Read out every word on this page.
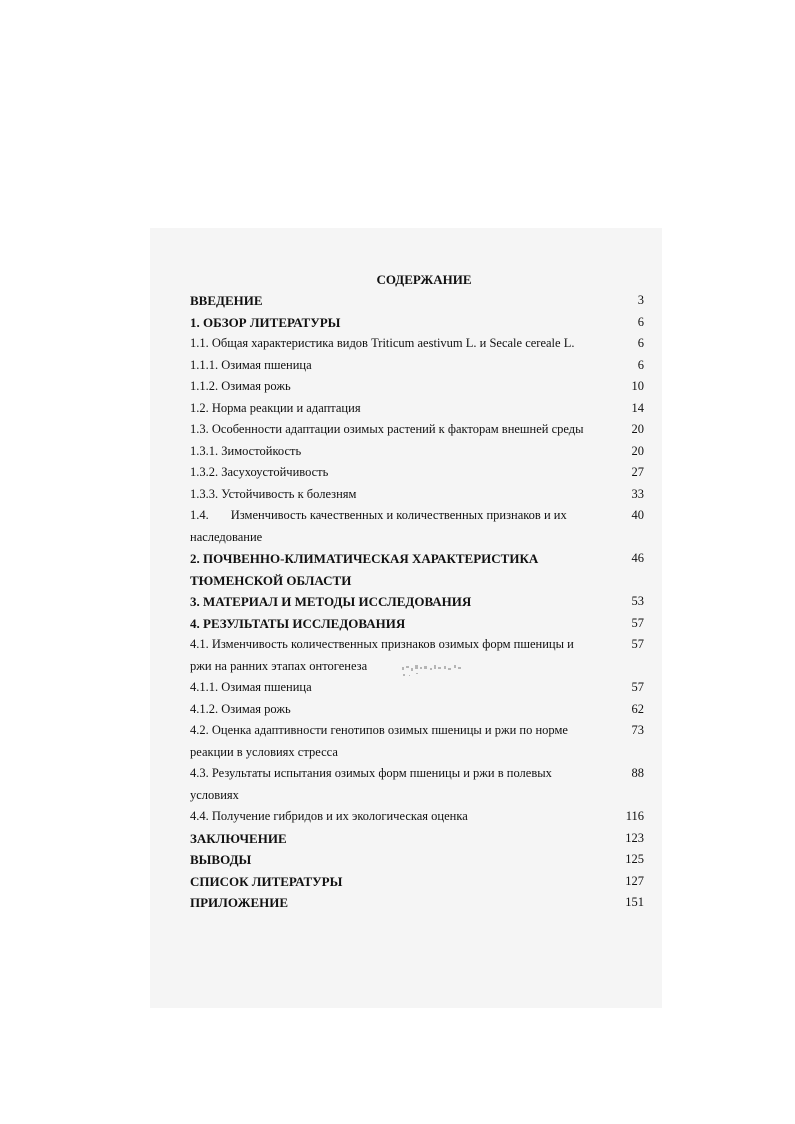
СОДЕРЖАНИЕ
ВВЕДЕНИЕ	3
1. ОБЗОР ЛИТЕРАТУРЫ	6
1.1. Общая характеристика видов Triticum aestivum L. и Secale cereale L.	6
1.1.1. Озимая пшеница	6
1.1.2. Озимая рожь	10
1.2. Норма реакции и адаптация	14
1.3. Особенности адаптации озимых растений к факторам внешней среды	20
1.3.1. Зимостойкость	20
1.3.2. Засухоустойчивость	27
1.3.3. Устойчивость к болезням	33
1.4. Изменчивость качественных и количественных признаков и их	40
наследование
2. ПОЧВЕННО-КЛИМАТИЧЕСКАЯ ХАРАКТЕРИСТИКА	46
ТЮМЕНСКОЙ ОБЛАСТИ
3. МАТЕРИАЛ И МЕТОДЫ ИССЛЕДОВАНИЯ	53
4. РЕЗУЛЬТАТЫ ИССЛЕДОВАНИЯ	57
4.1. Изменчивость количественных признаков озимых форм пшеницы и	57
ржи на ранних этапах онтогенеза
4.1.1. Озимая пшеница	57
4.1.2. Озимая рожь	62
4.2. Оценка адаптивности генотипов озимых пшеницы и ржи по норме	73
реакции в условиях стресса
4.3. Результаты испытания озимых форм пшеницы и ржи в полевых	88
условиях
4.4. Получение гибридов и их экологическая оценка	116
ЗАКЛЮЧЕНИЕ	123
ВЫВОДЫ	125
СПИСОК ЛИТЕРАТУРЫ	127
ПРИЛОЖЕНИЕ	151
